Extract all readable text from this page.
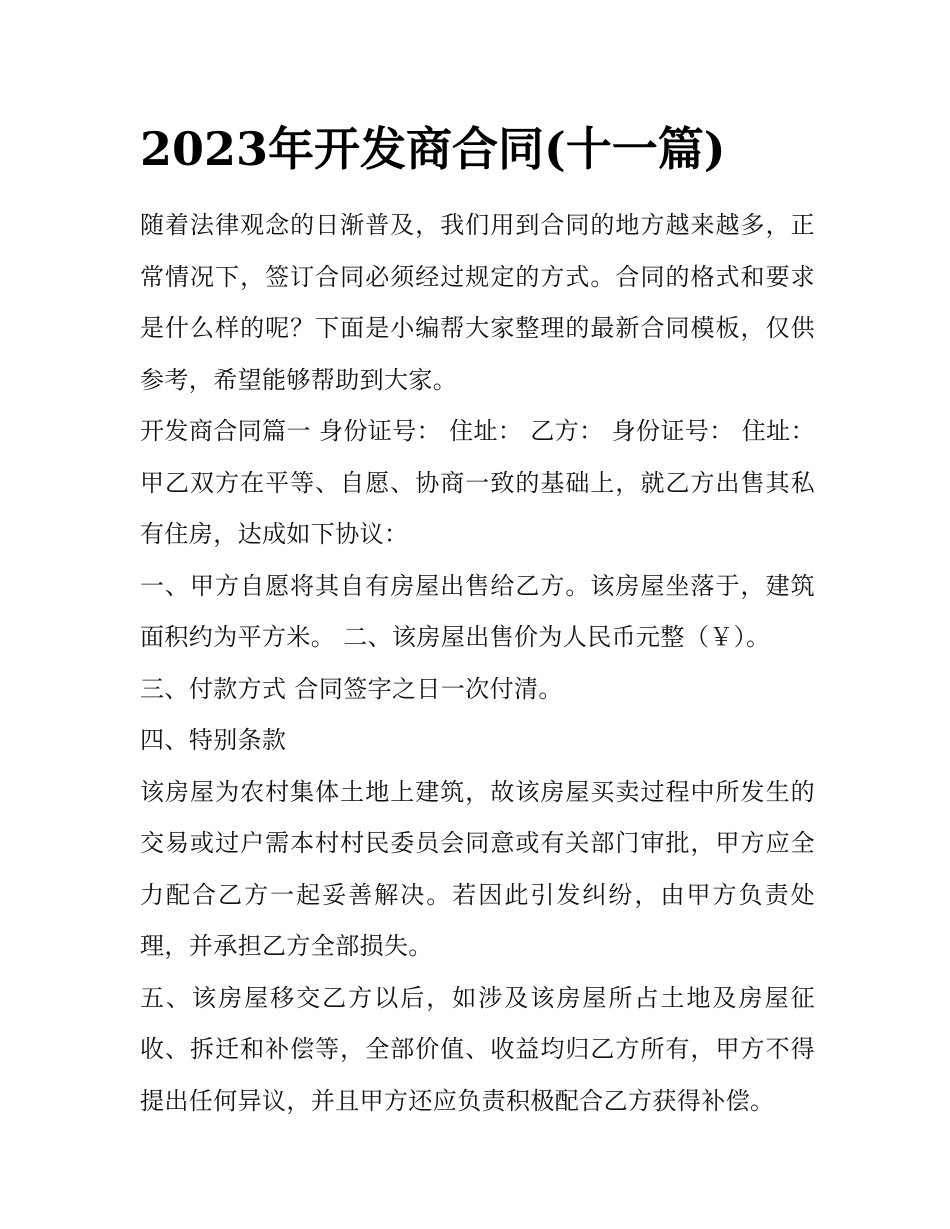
2023年开发商合同(十一篇)

随着法律观念的日渐普及，我们用到合同的地方越来越多，正常情况下，签订合同必须经过规定的方式。合同的格式和要求是什么样的呢？下面是小编帮大家整理的最新合同模板，仅供参考，希望能够帮助到大家。

开发商合同篇一 身份证号： 住址： 乙方： 身份证号： 住址： 甲乙双方在平等、自愿、协商一致的基础上，就乙方出售其私有住房，达成如下协议：

一、甲方自愿将其自有房屋出售给乙方。该房屋坐落于，建筑面积约为平方米。 二、该房屋出售价为人民币元整（￥）。

三、付款方式 合同签字之日一次付清。

四、特别条款

该房屋为农村集体土地上建筑，故该房屋买卖过程中所发生的交易或过户需本村村民委员会同意或有关部门审批，甲方应全力配合乙方一起妥善解决。若因此引发纠纷，由甲方负责处理，并承担乙方全部损失。

五、该房屋移交乙方以后，如涉及该房屋所占土地及房屋征收、拆迁和补偿等，全部价值、收益均归乙方所有，甲方不得提出任何异议，并且甲方还应负责积极配合乙方获得补偿。
